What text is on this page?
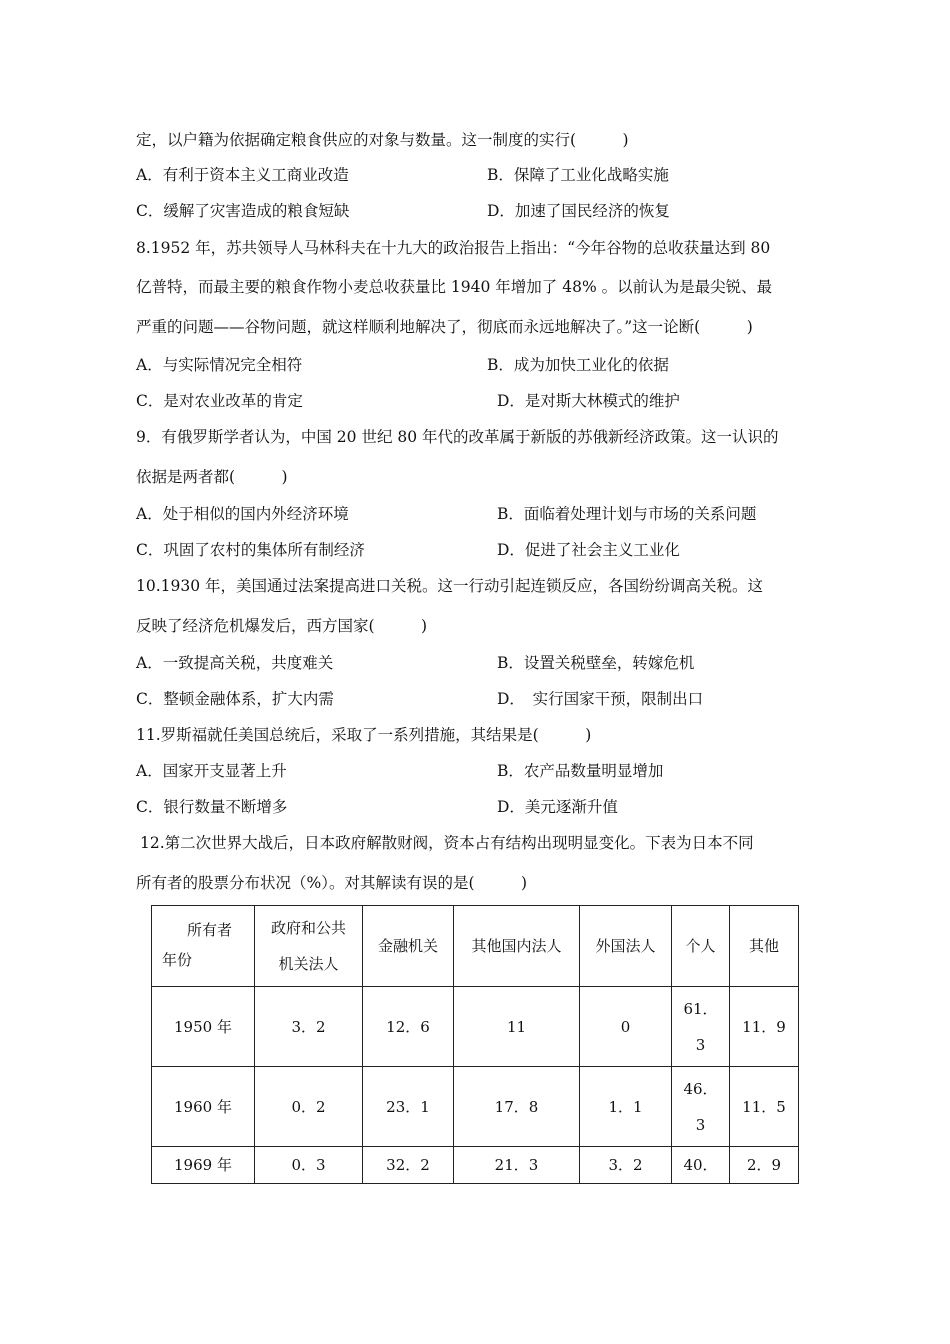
定，以户籍为依据确定粮食供应的对象与数量。这一制度的实行(　　　)
A．有利于资本主义工商业改造	B．保障了工业化战略实施
C．缓解了灾害造成的粮食短缺	D．加速了国民经济的恢复
8.1952 年，苏共领导人马林科夫在十九大的政治报告上指出：“今年谷物的总收获量达到 80
亿普特，而最主要的粮食作物小麦总收获量比 1940 年增加了 48% 。以前认为是最尖锐、最
严重的问题——谷物问题，就这样顺利地解决了，彻底而永远地解决了。”这一论断(　　　)
A．与实际情况完全相符	B．成为加快工业化的依据
C．是对农业改革的肯定	D．是对斯大林模式的维护
9．有俄罗斯学者认为，中国 20 世纪 80 年代的改革属于新版的苏俄新经济政策。这一认识的
依据是两者都(　　　)
A．处于相似的国内外经济环境	B．面临着处理计划与市场的关系问题
C．巩固了农村的集体所有制经济	D．促进了社会主义工业化
10.1930 年，美国通过法案提高进口关税。这一行动引起连锁反应，各国纷纷调高关税。这
反映了经济危机爆发后，西方国家(　　　)
A．一致提高关税，共度难关	B．设置关税壁垒，转嫁危机
C．整顿金融体系，扩大内需	D．　实行国家干预，限制出口
11.罗斯福就任美国总统后，采取了一系列措施，其结果是(　　　)
A．国家开支显著上升	B．农产品数量明显增加
C．银行数量不断增多	D．美元逐渐升值
12.第二次世界大战后，日本政府解散财阀，资本占有结构出现明显变化。下表为日本不同
所有者的股票分布状况（%）。对其解读有误的是(　　　)
所有者
年份	政府和公共机关法人	金融机关	其他国内法人	外国法人	个人	其他
1950 年	3．2	12．6	11	0	61．3	11．9
1960 年	0．2	23．1	17．8	1．1	46．3	11．5
1969 年	0．3	32．2	21．3	3．2	40．	2．9
